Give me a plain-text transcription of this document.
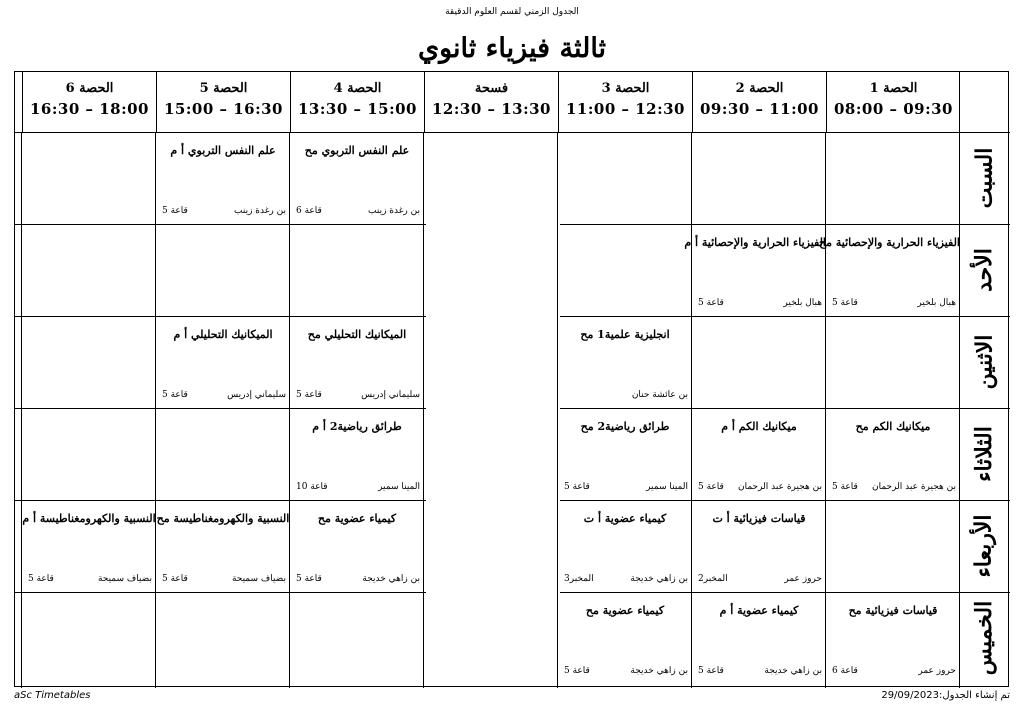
الجدول الزمني لقسم العلوم الدقيقة
ثالثة فيزياء ثانوي
الحصة 1
08:00 – 09:30
الحصة 2
09:30 – 11:00
الحصة 3
11:00 – 12:30
فسحة
12:30 – 13:30
الحصة 4
13:30 – 15:00
الحصة 5
15:00 – 16:30
الحصة 6
16:30 – 18:00
السبت
الأحد
الاثنين
الثلاثاء
الأربعاء
الخميس
علم النفس التربوي مح
بن رغدة زينب
قاعة 6
علم النفس التربوي أ م
بن رغدة زينب
قاعة 5
الفيزياء الحرارية والإحصائية مح
هبال بلخير
قاعة 5
الفيزياء الحرارية والإحصائية أ م
هبال بلخير
قاعة 5
انجليزية علمية1 مح
بن عائشة حنان
الميكانيك التحليلي مح
سليماني إدريس
قاعة 5
الميكانيك التحليلي أ م
سليماني إدريس
قاعة 5
ميكانيك الكم مح
بن هجيرة عبد الرحمان
قاعة 5
ميكانيك الكم أ م
بن هجيرة عبد الرحمان
قاعة 5
طرائق رياضية2 مح
المينا سمير
قاعة 5
طرائق رياضية2 أ م
المينا سمير
قاعة 10
قياسات فيزيائية أ ت
حروز عمر
المخبر2
كيمياء عضوية أ ت
بن زاهي خديجة
المخبر3
كيمياء عضوية مح
بن زاهي خديجة
قاعة 5
النسبية والكهرومغناطيسة مح
بضياف سميحة
قاعة 5
النسبية والكهرومغناطيسة أ م
بضياف سميحة
قاعة 5
قياسات فيزيائية مح
حروز عمر
قاعة 6
كيمياء عضوية أ م
بن زاهي خديجة
قاعة 5
كيمياء عضوية مح
بن زاهي خديجة
قاعة 5
aSc Timetables	تم إنشاء الجدول:29/09/2023
